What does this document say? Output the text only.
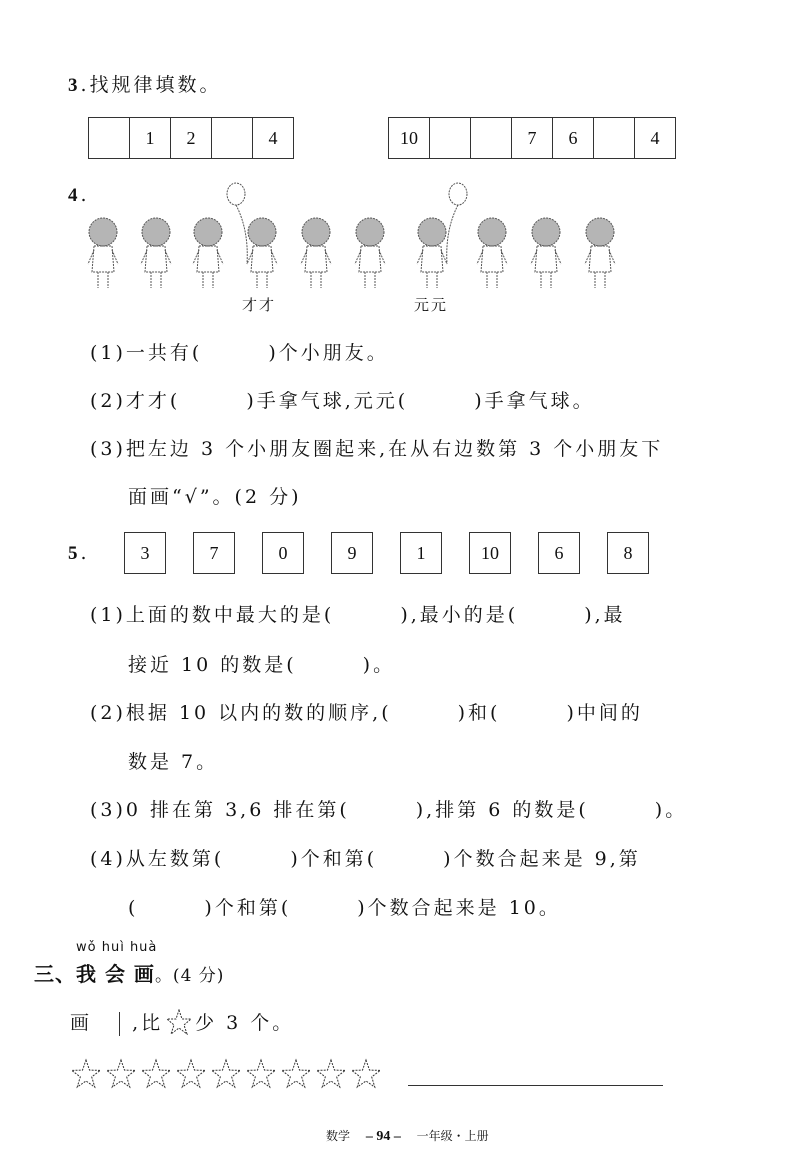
3.找规律填数。
1	2	4	10	7	6	4
4.
才才	元元
(1)一共有(　　　)个小朋友。
(2)才才(　　　)手拿气球,元元(　　　)手拿气球。
(3)把左边 3 个小朋友圈起来,在从右边数第 3 个小朋友下
面画“√”。(2 分)
5.	3	7	0	9	1	10	6	8
(1)上面的数中最大的是(　　　),最小的是(　　　),最
接近 10 的数是(　　　)。
(2)根据 10 以内的数的顺序,(　　　)和(　　　)中间的
数是 7。
(3)0 排在第 3,6 排在第(　　　),排第 6 的数是(　　　)。
(4)从左数第(　　　)个和第(　　　)个数合起来是 9,第
(　　　)个和第(　　　)个数合起来是 10。
wǒ huì huà
三、我 会 画。(4 分)
画 ,比 少 3 个。
数学 – 94 – 一年级・上册
